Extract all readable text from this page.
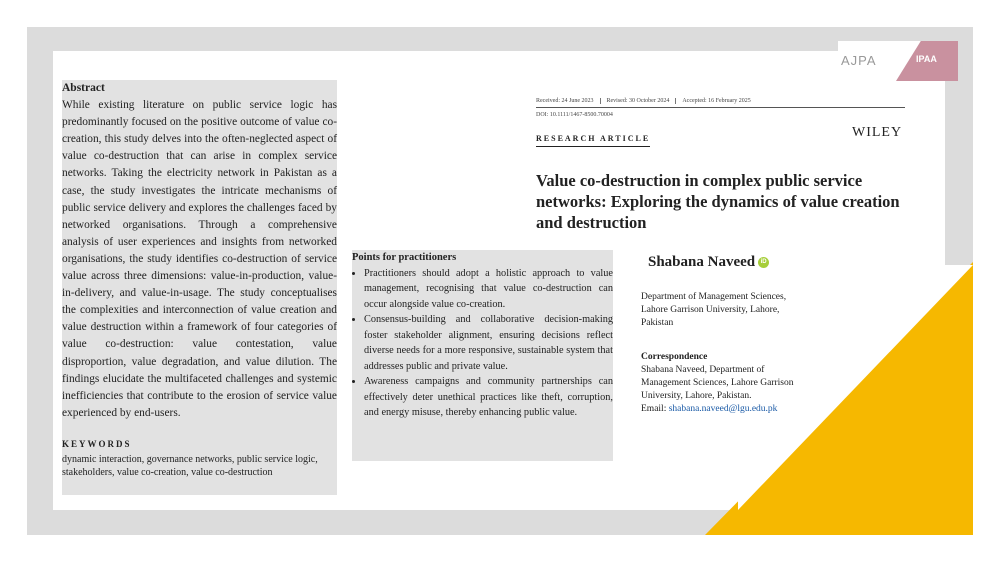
AJPA	IPAA
Abstract

While existing literature on public service logic has predominantly focused on the positive outcome of value co-creation, this study delves into the often-neglected aspect of value co-destruction that can arise in complex service networks. Taking the electricity network in Pakistan as a case, the study investigates the intricate mechanisms of public service delivery and explores the challenges faced by networked organisations. Through a comprehensive analysis of user experiences and insights from networked organisations, the study identifies co-destruction of service value across three dimensions: value-in-production, value-in-delivery, and value-in-usage. The study conceptualises the complexities and interconnection of value creation and value destruction within a framework of four categories of value co-destruction: value contestation, value disproportion, value degradation, and value dilution. The findings elucidate the multifaceted challenges and systemic inefficiencies that contribute to the erosion of service value experienced by end-users.

KEYWORDS
dynamic interaction, governance networks, public service logic, stakeholders, value co-creation, value co-destruction
Points for practitioners
• Practitioners should adopt a holistic approach to value management, recognising that value co-destruction can occur alongside value co-creation.
• Consensus-building and collaborative decision-making foster stakeholder alignment, ensuring decisions reflect diverse needs for a more responsive, sustainable system that addresses public and private value.
• Awareness campaigns and community partnerships can effectively deter unethical practices like theft, corruption, and energy misuse, thereby enhancing public value.
Received: 24 June 2023 Revised: 30 October 2024 Accepted: 16 February 2025
DOI: 10.1111/1467-8500.70004
RESEARCH ARTICLE	WILEY
Value co-destruction in complex public service networks: Exploring the dynamics of value creation and destruction
Shabana Naveed iD
Department of Management Sciences,
Lahore Garrison University, Lahore,
Pakistan
Correspondence
Shabana Naveed, Department of
Management Sciences, Lahore Garrison
University, Lahore, Pakistan.
Email: shabana.naveed@lgu.edu.pk
